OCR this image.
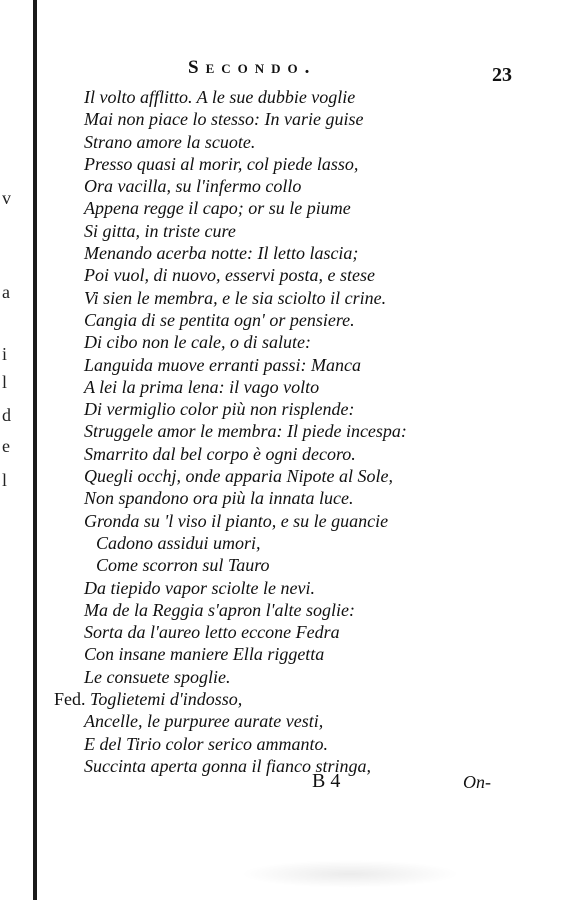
v
a
i
l
d
e
l
Secondo.	23
Il volto afflitto. A le sue dubbie voglie
Mai non piace lo stesso: In varie guise
Strano amore la scuote.
Presso quasi al morir, col piede lasso,
Ora vacilla, su l'infermo collo
Appena regge il capo; or su le piume
Si gitta, in triste cure
Menando acerba notte: Il letto lascia;
Poi vuol, di nuovo, esservi posta, e stese
Vi sien le membra, e le sia sciolto il crine.
Cangia di se pentita ogn' or pensiere.
Di cibo non le cale, o di salute:
Languida muove erranti passi: Manca
A lei la prima lena: il vago volto
Di vermiglio color più non risplende:
Struggele amor le membra: Il piede incespa:
Smarrito dal bel corpo è ogni decoro.
Quegli occhj, onde apparia Nipote al Sole,
Non spandono ora più la innata luce.
Gronda su 'l viso il pianto, e su le guancie
Cadono assidui umori,
Come scorron sul Tauro
Da tiepido vapor sciolte le nevi.
Ma de la Reggia s'apron l'alte soglie:
Sorta da l'aureo letto eccone Fedra
Con insane maniere Ella riggetta
Le consuete spoglie.
Fed. Toglietemi d'indosso,
Ancelle, le purpuree aurate vesti,
E del Tirio color serico ammanto.
Succinta aperta gonna il fianco stringa,
B 4	On-
